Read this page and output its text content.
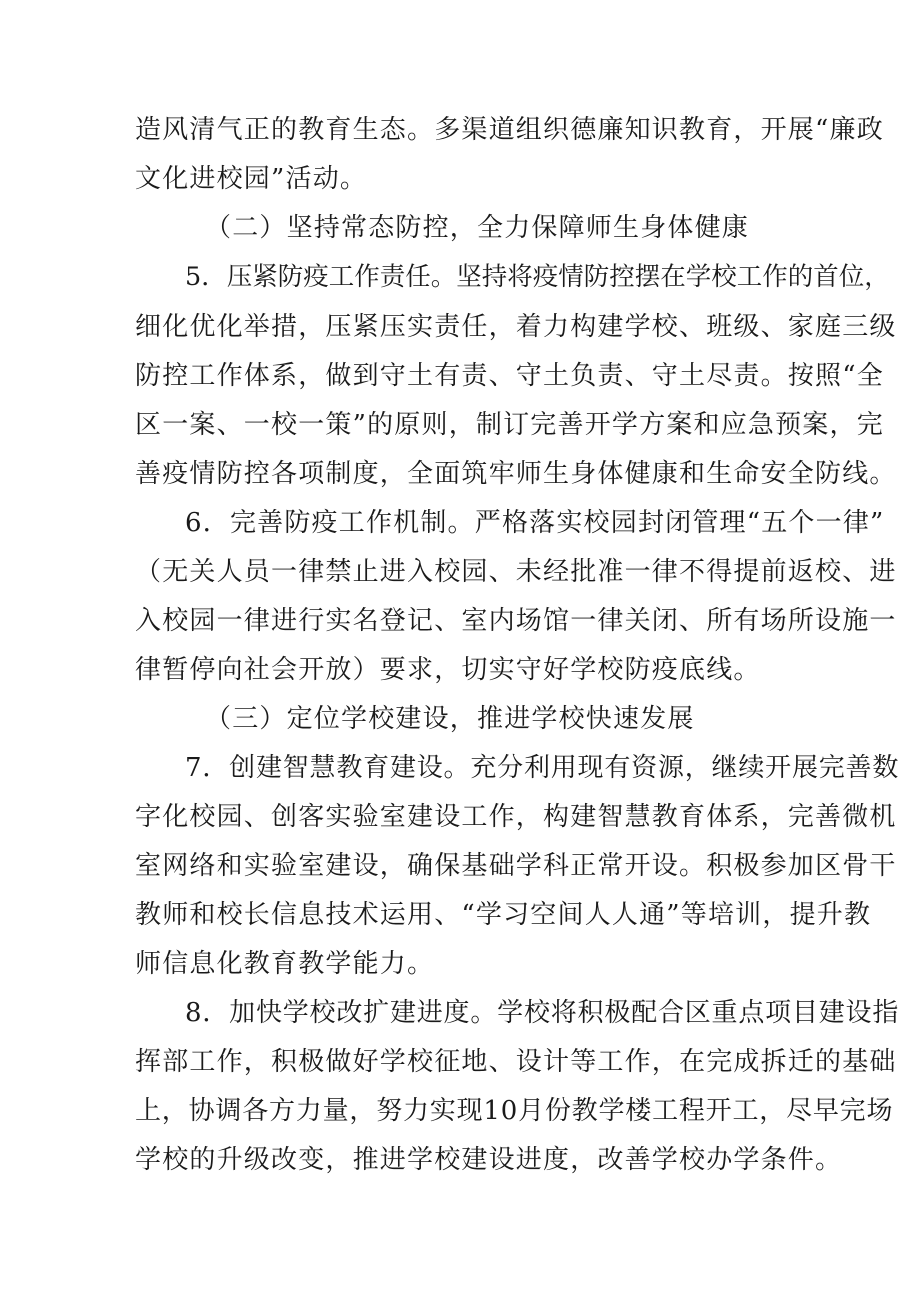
造风清气正的教育生态。多渠道组织德廉知识教育，开展“廉政
文化进校园”活动。
（二）坚持常态防控，全力保障师生身体健康
5．压紧防疫工作责任。坚持将疫情防控摆在学校工作的首位，
细化优化举措，压紧压实责任，着力构建学校、班级、家庭三级
防控工作体系，做到守土有责、守土负责、守土尽责。按照“全
区一案、一校一策”的原则，制订完善开学方案和应急预案，完
善疫情防控各项制度，全面筑牢师生身体健康和生命安全防线。
6．完善防疫工作机制。严格落实校园封闭管理“五个一律”
（无关人员一律禁止进入校园、未经批准一律不得提前返校、进
入校园一律进行实名登记、室内场馆一律关闭、所有场所设施一
律暂停向社会开放）要求，切实守好学校防疫底线。
（三）定位学校建设，推进学校快速发展
7．创建智慧教育建设。充分利用现有资源，继续开展完善数
字化校园、创客实验室建设工作，构建智慧教育体系，完善微机
室网络和实验室建设，确保基础学科正常开设。积极参加区骨干
教师和校长信息技术运用、“学习空间人人通”等培训，提升教
师信息化教育教学能力。
8．加快学校改扩建进度。学校将积极配合区重点项目建设指
挥部工作，积极做好学校征地、设计等工作，在完成拆迁的基础
上，协调各方力量，努力实现10月份教学楼工程开工，尽早完场
学校的升级改变，推进学校建设进度，改善学校办学条件。
